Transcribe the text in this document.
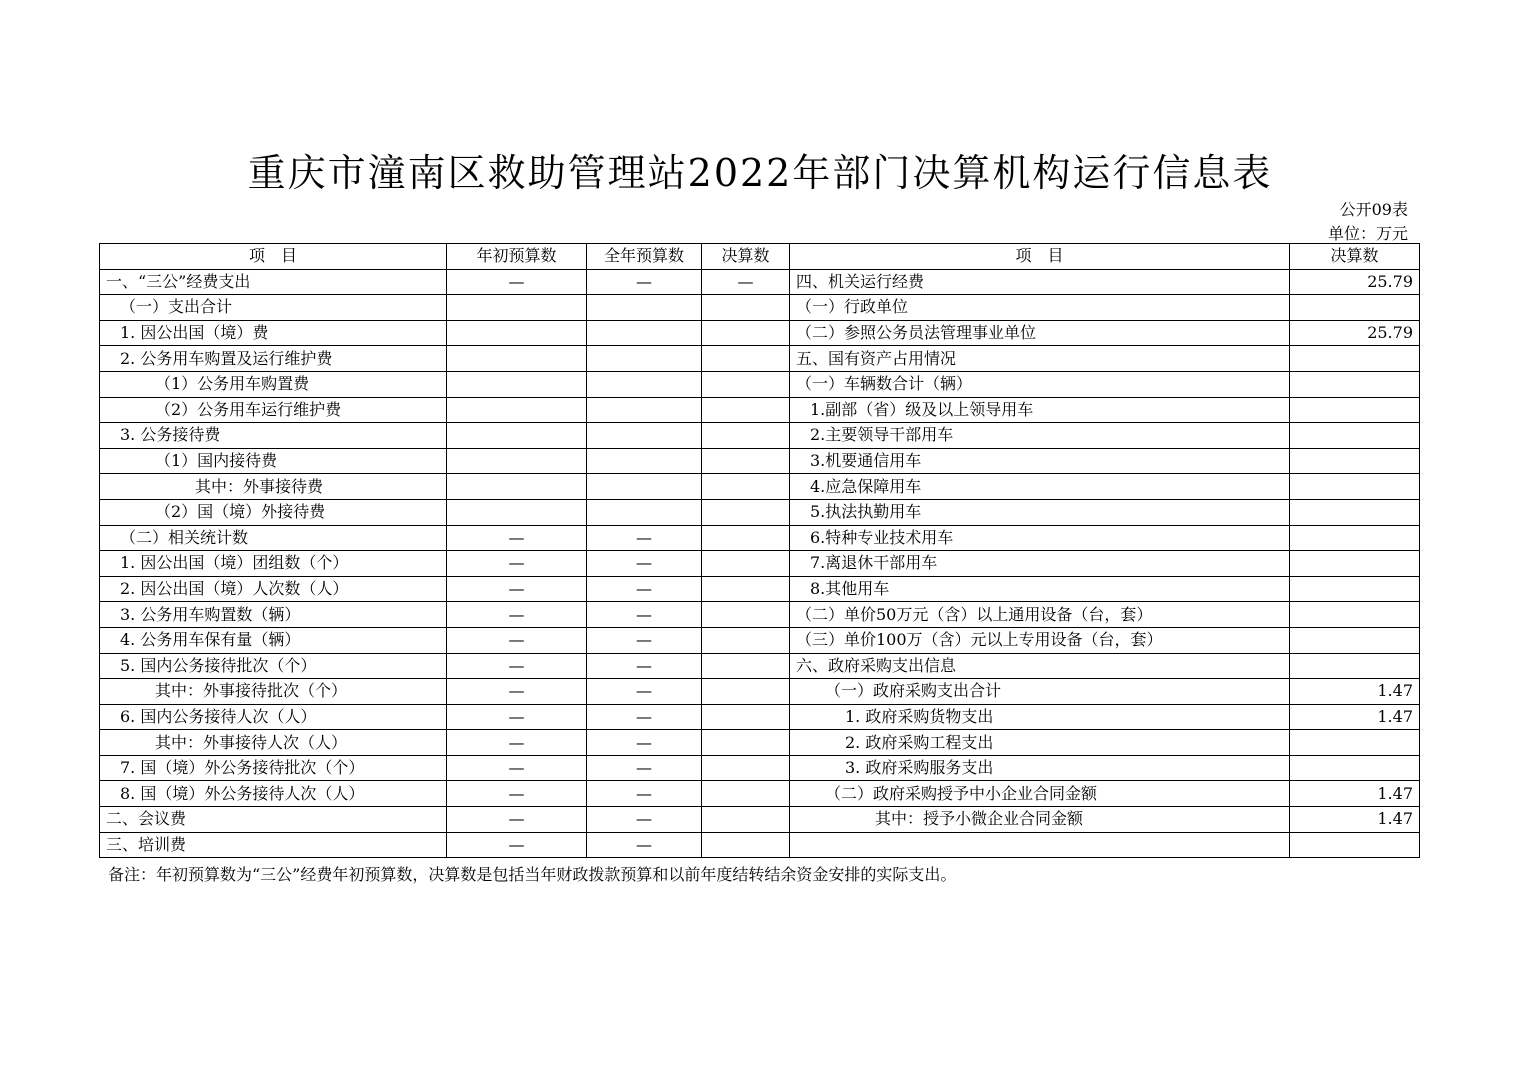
重庆市潼南区救助管理站2022年部门决算机构运行信息表
公开09表
单位：万元
项　目	年初预算数	全年预算数	决算数	项　目	决算数
一、“三公”经费支出	—	—	—	四、机关运行经费	25.79
（一）支出合计				（一）行政单位	
1. 因公出国（境）费				（二）参照公务员法管理事业单位	25.79
2. 公务用车购置及运行维护费				五、国有资产占用情况	
（1）公务用车购置费				（一）车辆数合计（辆）	
（2）公务用车运行维护费				1.副部（省）级及以上领导用车	
3. 公务接待费				2.主要领导干部用车	
（1）国内接待费				3.机要通信用车	
其中：外事接待费				4.应急保障用车	
（2）国（境）外接待费				5.执法执勤用车	
（二）相关统计数	—	—		6.特种专业技术用车	
1. 因公出国（境）团组数（个）	—	—		7.离退休干部用车	
2. 因公出国（境）人次数（人）	—	—		8.其他用车	
3. 公务用车购置数（辆）	—	—		（二）单价50万元（含）以上通用设备（台，套）	
4. 公务用车保有量（辆）	—	—		（三）单价100万（含）元以上专用设备（台，套）	
5. 国内公务接待批次（个）	—	—		六、政府采购支出信息	
其中：外事接待批次（个）	—	—		（一）政府采购支出合计	1.47
6. 国内公务接待人次（人）	—	—		1. 政府采购货物支出	1.47
其中：外事接待人次（人）	—	—		2. 政府采购工程支出	
7. 国（境）外公务接待批次（个）	—	—		3. 政府采购服务支出	
8. 国（境）外公务接待人次（人）	—	—		（二）政府采购授予中小企业合同金额	1.47
二、会议费	—	—		其中：授予小微企业合同金额	1.47
三、培训费	—	—			
备注：年初预算数为“三公”经费年初预算数，决算数是包括当年财政拨款预算和以前年度结转结余资金安排的实际支出。
